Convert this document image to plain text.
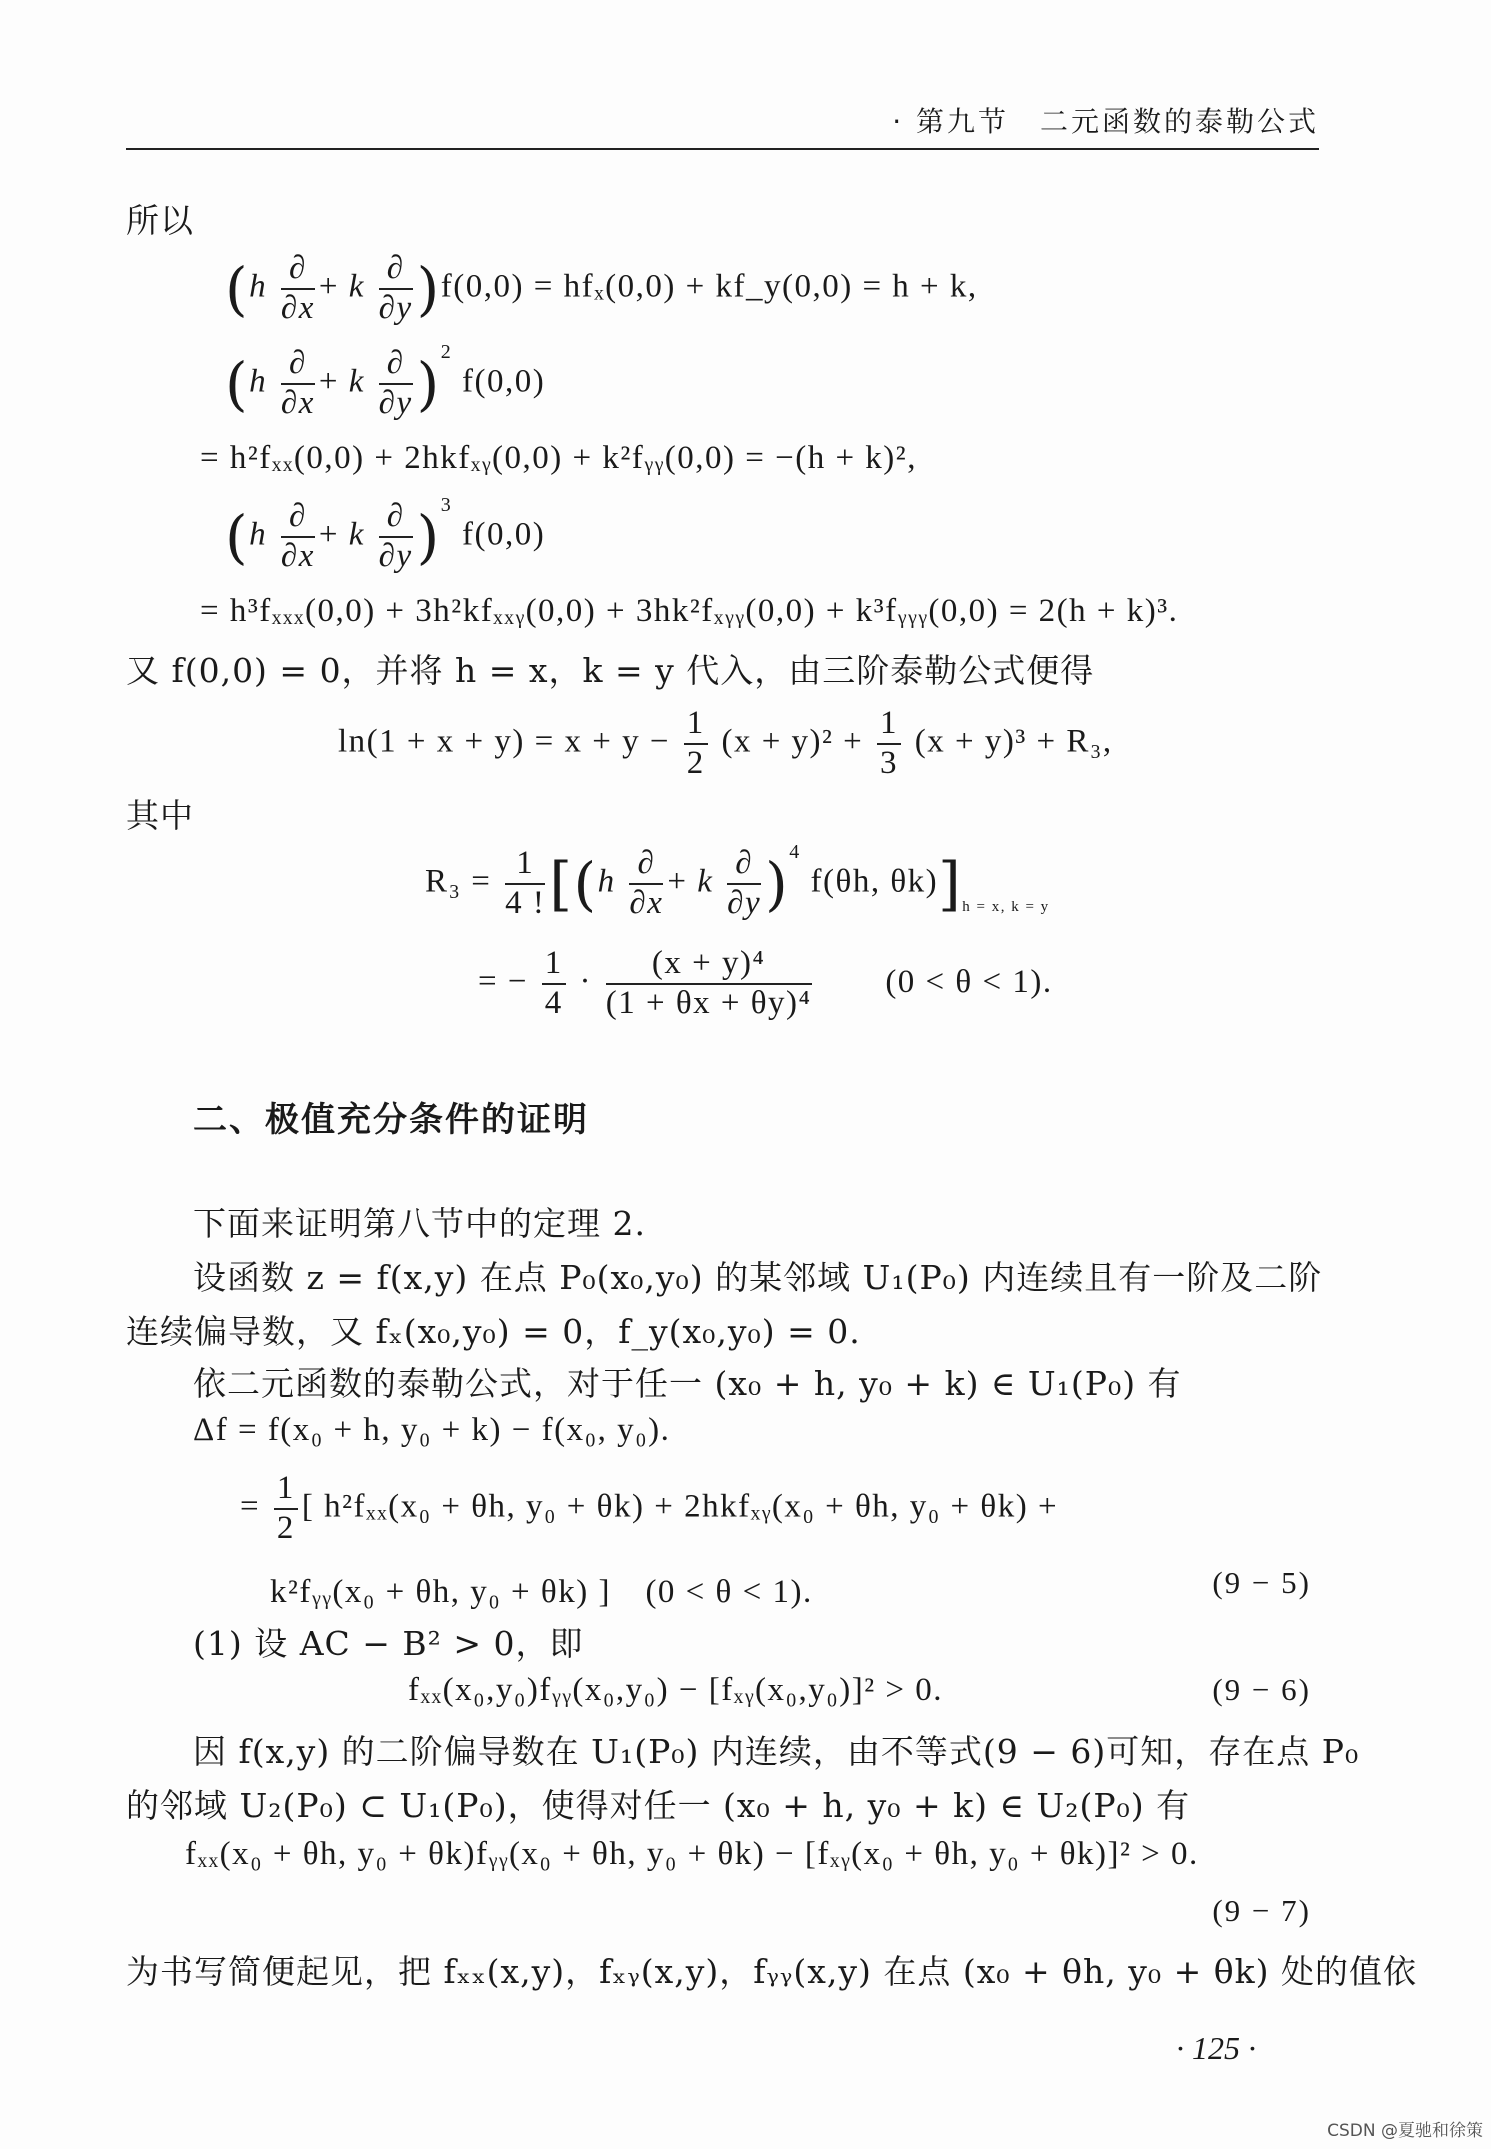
· 第九节　二元函数的泰勒公式
所以
$(h \frac{\partial}{\partial x} + k \frac{\partial}{\partial y} )f(0,0) = hf_x(0,0)$ + kf_y(0,0) = h + k,
$(h \frac{\partial}{\partial x} + k \frac{\partial}{\partial y} )^2$ f(0,0)
= h²fₓₓ(0,0) + 2hkfₓᵧ(0,0) + k²fᵧᵧ(0,0) = −(h + k)²,
$(h \frac{\partial}{\partial x} + k \frac{\partial}{\partial y} )^3$ f(0,0)
= h³fₓₓₓ(0,0) + 3h²kfₓₓᵧ(0,0) + 3hk²fₓᵧᵧ(0,0) + k³fᵧᵧᵧ(0,0) = 2(h + k)³.
又 f(0,0) = 0，并将 h = x，k = y 代入，由三阶泰勒公式便得
$\ln(1 + x + y) = x + y - \frac{1}{2} (x + y)^2 + \frac{1}{3} (x + y)^3 + R_3$,
其中
$R_3 = \frac{1}{4 !} [(h \frac{\partial}{\partial x} + k \frac{\partial}{\partial y} )^4$ f(θh, $\theta k)]_{h = x, k = y}$
= − $\frac{1}{4} \cdot \frac{\text{(x + y)⁴}}{\text{(1 + θx + θy)⁴}} (0 < \theta < 1)$.
二、极值充分条件的证明
下面来证明第八节中的定理 2.
设函数 z = f(x,y) 在点 P₀(x₀,y₀) 的某邻域 U₁(P₀) 内连续且有一阶及二阶
连续偏导数，又 fₓ(x₀,y₀) = 0，f_y(x₀,y₀) = 0.
依二元函数的泰勒公式，对于任一 (x₀ + h, y₀ + k) ∈ U₁(P₀) 有
Δf = f(x₀ + h, y₀ + k) − f(x₀, y₀).
= $\frac{1}{2}$ [ h²fₓₓ(x₀ + θh, y₀ + θk) + 2hkfₓᵧ(x₀ + θh, y₀ + θk) +
k²fᵧᵧ(x₀ + θh, y₀ + θk) ]　(0 < θ < 1).	(9 − 5)
(1) 设 AC − B² > 0，即
fₓₓ(x₀,y₀)fᵧᵧ(x₀,y₀) − [fₓᵧ(x₀,y₀)]² > 0.	(9 − 6)
因 f(x,y) 的二阶偏导数在 U₁(P₀) 内连续，由不等式(9 − 6)可知，存在点 P₀
的邻域 U₂(P₀) ⊂ U₁(P₀)，使得对任一 (x₀ + h, y₀ + k) ∈ U₂(P₀) 有
fₓₓ(x₀ + θh, y₀ + θk)fᵧᵧ(x₀ + θh, y₀ + θk) − [fₓᵧ(x₀ + θh, y₀ + θk)]² > 0.
(9 − 7)
为书写简便起见，把 fₓₓ(x,y)，fₓᵧ(x,y)，fᵧᵧ(x,y) 在点 (x₀ + θh, y₀ + θk) 处的值依
· 125 ·
CSDN @夏驰和徐策
